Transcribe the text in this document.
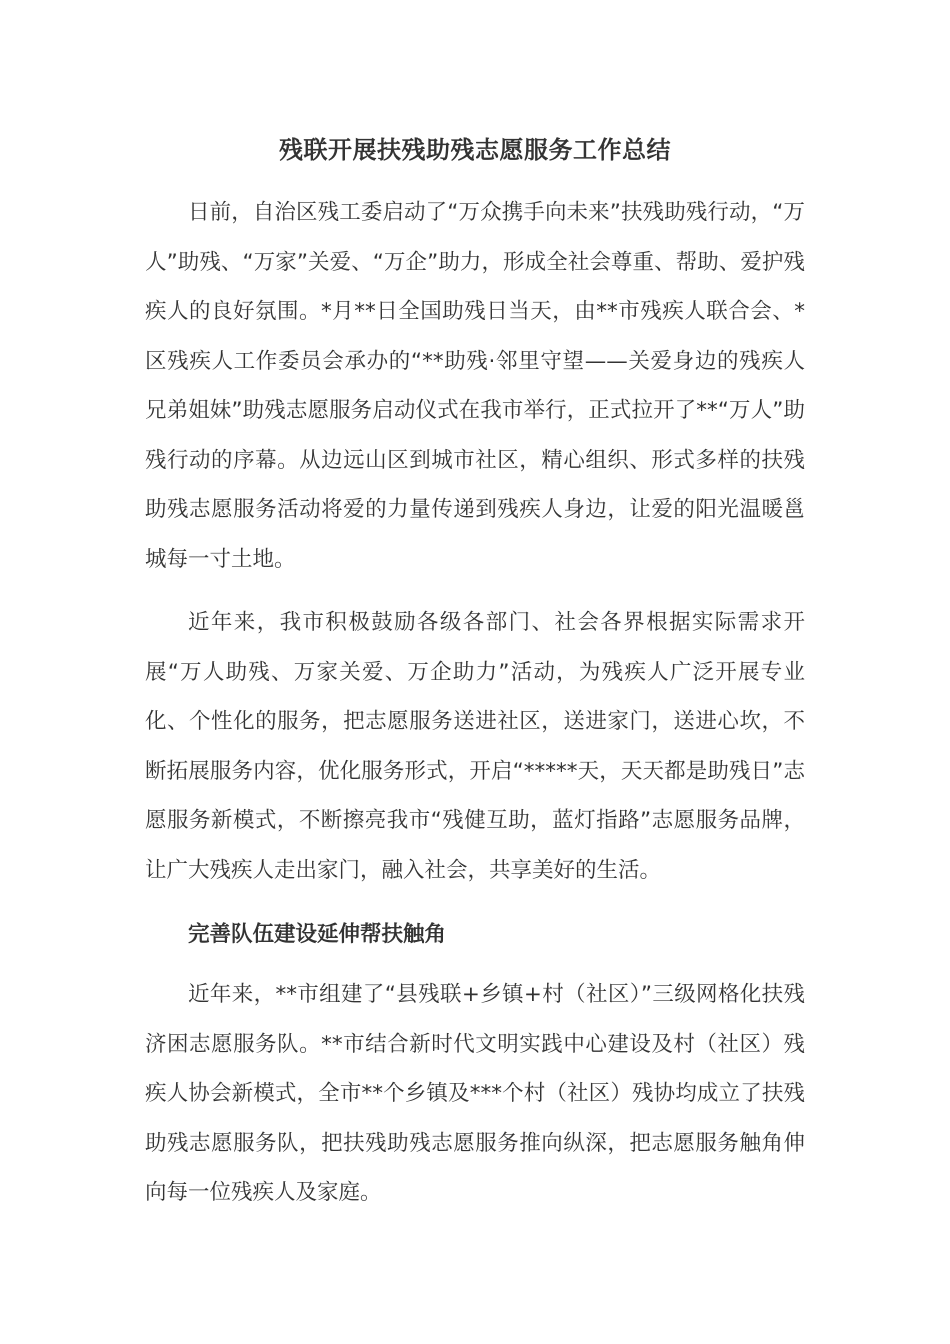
残联开展扶残助残志愿服务工作总结

日前，自治区残工委启动了“万众携手向未来”扶残助残行动，“万人”助残、“万家”关爱、“万企”助力，形成全社会尊重、帮助、爱护残疾人的良好氛围。*月**日全国助残日当天，由**市残疾人联合会、*区残疾人工作委员会承办的“**助残·邻里守望——关爱身边的残疾人兄弟姐妹”助残志愿服务启动仪式在我市举行，正式拉开了**“万人”助残行动的序幕。从边远山区到城市社区，精心组织、形式多样的扶残助残志愿服务活动将爱的力量传递到残疾人身边，让爱的阳光温暖邕城每一寸土地。

近年来，我市积极鼓励各级各部门、社会各界根据实际需求开展“万人助残、万家关爱、万企助力”活动，为残疾人广泛开展专业化、个性化的服务，把志愿服务送进社区，送进家门，送进心坎，不断拓展服务内容，优化服务形式，开启“*****天，天天都是助残日”志愿服务新模式，不断擦亮我市“残健互助，蓝灯指路”志愿服务品牌，让广大残疾人走出家门，融入社会，共享美好的生活。

完善队伍建设延伸帮扶触角

近年来，**市组建了“县残联+乡镇+村（社区）”三级网格化扶残济困志愿服务队。**市结合新时代文明实践中心建设及村（社区）残疾人协会新模式，全市**个乡镇及***个村（社区）残协均成立了扶残助残志愿服务队，把扶残助残志愿服务推向纵深，把志愿服务触角伸向每一位残疾人及家庭。
